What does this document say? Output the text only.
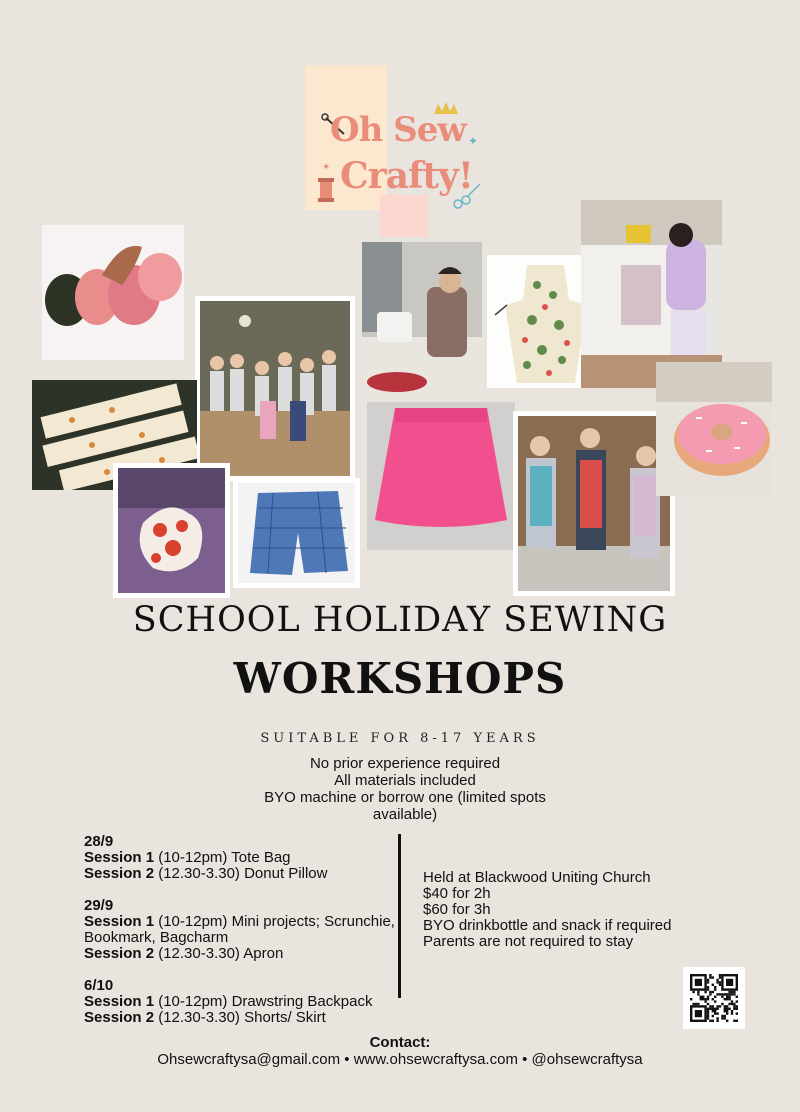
✦
✦
Oh Sew
Crafty!
SCHOOL HOLIDAY SEWING
WORKSHOPS
SUITABLE FOR 8-17 YEARS
No prior experience required
All materials included
BYO machine or borrow one (limited spots available)
28/9
Session 1 (10-12pm) Tote Bag
Session 2 (12.30-3.30) Donut Pillow
29/9
Session 1 (10-12pm) Mini projects; Scrunchie, Bookmark, Bagcharm
Session 2 (12.30-3.30) Apron
6/10
Session 1 (10-12pm) Drawstring Backpack
Session 2 (12.30-3.30) Shorts/ Skirt
Held at Blackwood Uniting Church
$40 for 2h
$60 for 3h
BYO drinkbottle and snack if required
Parents are not required to stay
Contact:
Ohsewcraftysa@gmail.com • www.ohsewcraftysa.com • @ohsewcraftysa
